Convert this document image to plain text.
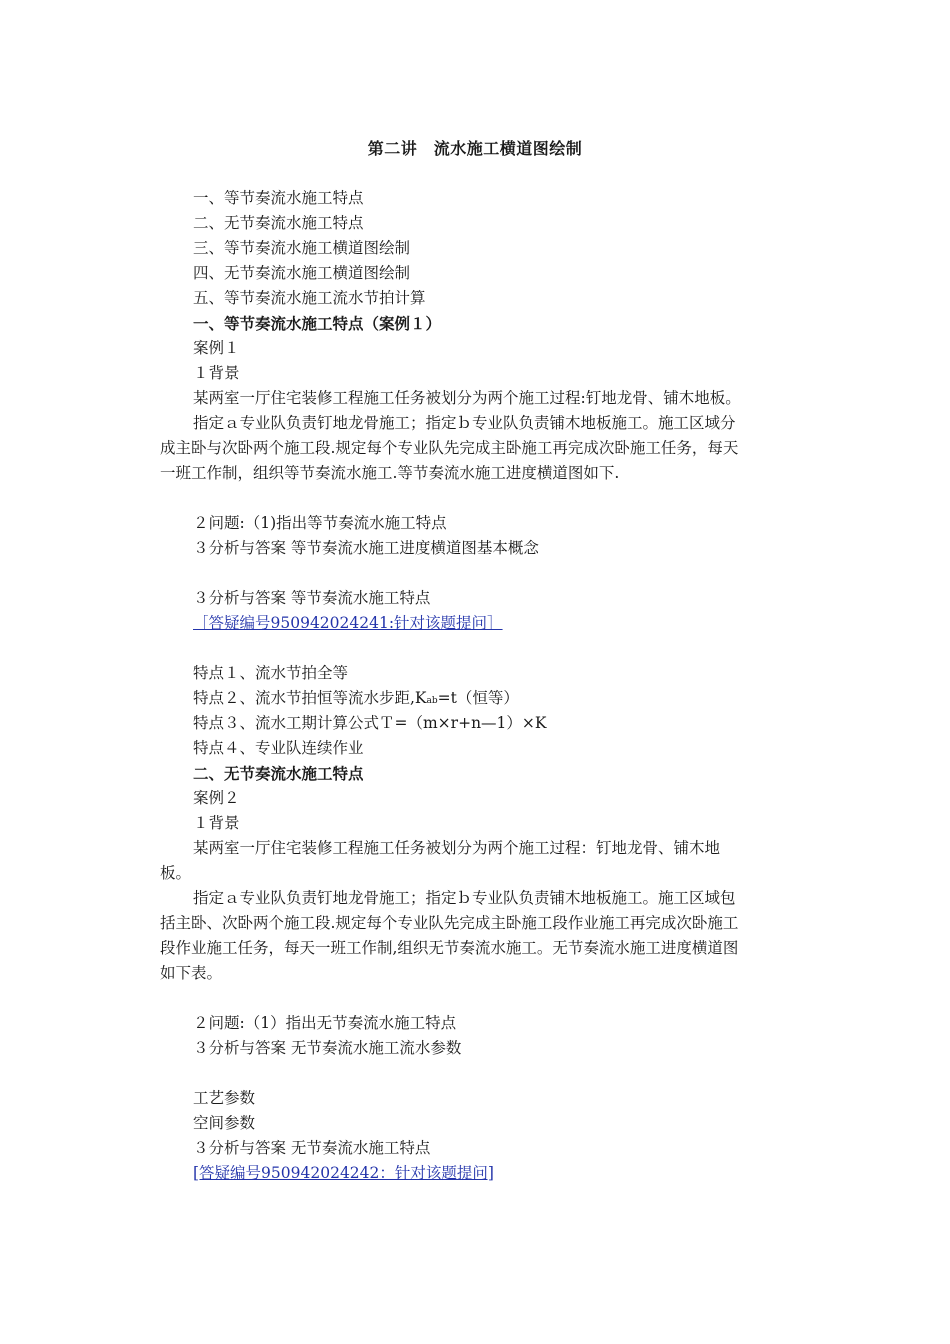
第二讲　流水施工横道图绘制
一、等节奏流水施工特点
二、无节奏流水施工特点
三、等节奏流水施工横道图绘制
四、无节奏流水施工横道图绘制
五、等节奏流水施工流水节拍计算
一、等节奏流水施工特点（案例１）
案例１
１背景
某两室一厅住宅装修工程施工任务被划分为两个施工过程:钉地龙骨、铺木地板。
指定ａ专业队负责钉地龙骨施工；指定ｂ专业队负责铺木地板施工。施工区域分
成主卧与次卧两个施工段.规定每个专业队先完成主卧施工再完成次卧施工任务，每天
一班工作制，组织等节奏流水施工.等节奏流水施工进度横道图如下.
２问题:（1)指出等节奏流水施工特点
３分析与答案 等节奏流水施工进度横道图基本概念
３分析与答案 等节奏流水施工特点
［答疑编号950942024241:针对该题提问］
特点１、流水节拍全等
特点２、流水节拍恒等流水步距,Kab=t（恒等）
特点３、流水工期计算公式Ｔ=（m×r+n—1）×K
特点４、专业队连续作业
二、无节奏流水施工特点
案例２
１背景
某两室一厅住宅装修工程施工任务被划分为两个施工过程：钉地龙骨、铺木地
板。
指定ａ专业队负责钉地龙骨施工；指定ｂ专业队负责铺木地板施工。施工区域包
括主卧、次卧两个施工段.规定每个专业队先完成主卧施工段作业施工再完成次卧施工
段作业施工任务，每天一班工作制,组织无节奏流水施工。无节奏流水施工进度横道图
如下表。
２问题:（1）指出无节奏流水施工特点
３分析与答案 无节奏流水施工流水参数
工艺参数
空间参数
３分析与答案 无节奏流水施工特点
[答疑编号950942024242：针对该题提问]
